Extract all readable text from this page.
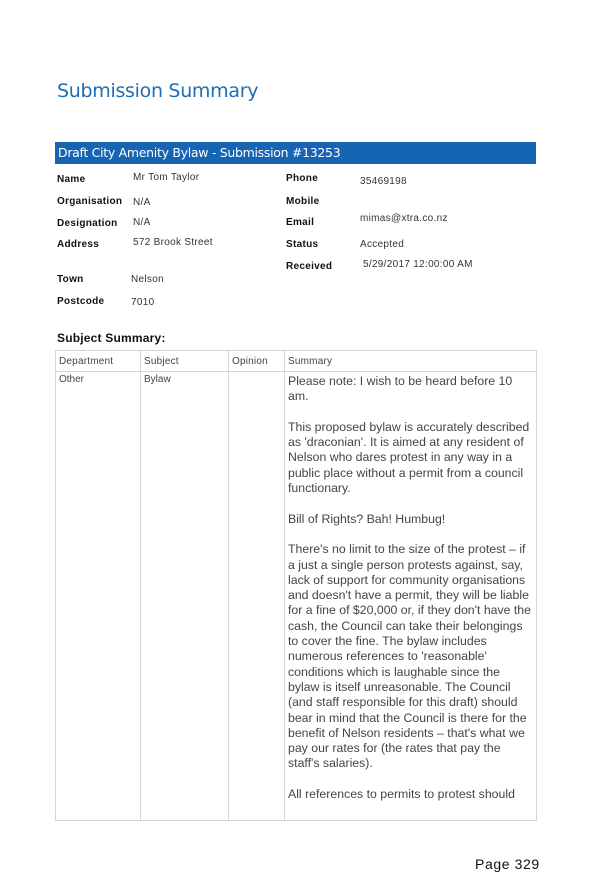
Submission Summary
Draft City Amenity Bylaw - Submission #13253
Name	Mr Tom Taylor
Organisation N/A
Designation N/A
Address	572 Brook Street
Town	Nelson
Postcode	7010
Phone	35469198
Mobile
Email	mimas@xtra.co.nz
Status	Accepted
Received	5/29/2017 12:00:00 AM
Subject Summary:
Department	Subject	Opinion	Summary
Other	Bylaw		Please note: I wish to be heard before 10 am.

This proposed bylaw is accurately described as 'draconian'. It is aimed at any resident of Nelson who dares protest in any way in a public place without a permit from a council functionary.

Bill of Rights? Bah! Humbug!

There's no limit to the size of the protest – if a just a single person protests against, say, lack of support for community organisations and doesn't have a permit, they will be liable for a fine of $20,000 or, if they don't have the cash, the Council can take their belongings to cover the fine. The bylaw includes numerous references to 'reasonable' conditions which is laughable since the bylaw is itself unreasonable. The Council (and staff responsible for this draft) should bear in mind that the Council is there for the benefit of Nelson residents – that's what we pay our rates for (the rates that pay the staff's salaries).

All references to permits to protest should

Page 329
